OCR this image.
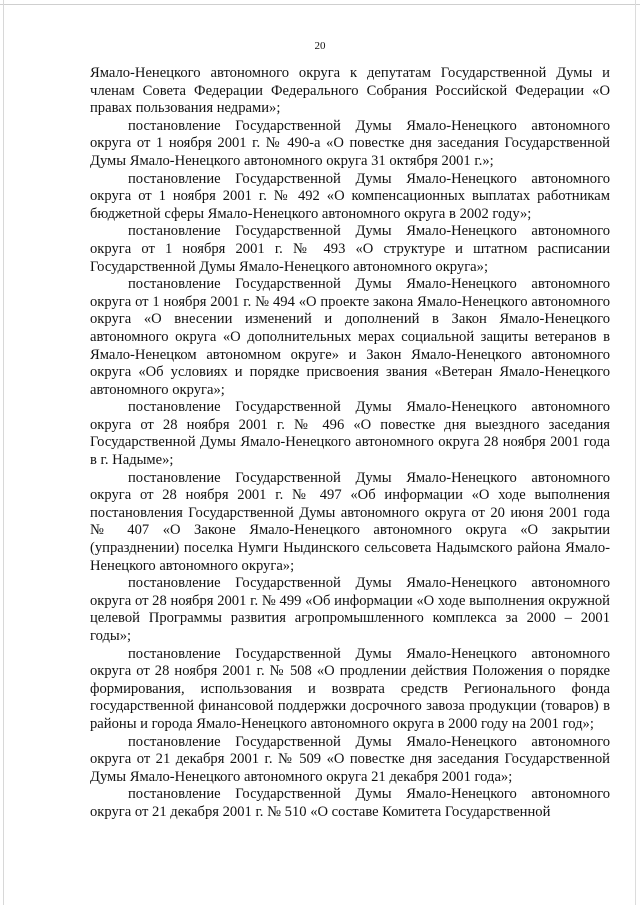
20

Ямало-Ненецкого автономного округа к депутатам Государственной Думы и членам Совета Федерации Федерального Собрания Российской Федерации «О правах пользования недрами»;

постановление Государственной Думы Ямало-Ненецкого автономного округа от 1 ноября 2001 г. № 490-а «О повестке дня заседания Государственной Думы Ямало-Ненецкого автономного округа 31 октября 2001 г.»;

постановление Государственной Думы Ямало-Ненецкого автономного округа от 1 ноября 2001 г. № 492 «О компенсационных выплатах работникам бюджетной сферы Ямало-Ненецкого автономного округа в 2002 году»;

постановление Государственной Думы Ямало-Ненецкого автономного округа от 1 ноября 2001 г. № 493 «О структуре и штатном расписании Государственной Думы Ямало-Ненецкого автономного округа»;

постановление Государственной Думы Ямало-Ненецкого автономного округа от 1 ноября 2001 г. № 494 «О проекте закона Ямало-Ненецкого автономного округа «О внесении изменений и дополнений в Закон Ямало-Ненецкого автономного округа «О дополнительных мерах социальной защиты ветеранов в Ямало-Ненецком автономном округе» и Закон Ямало-Ненецкого автономного округа «Об условиях и порядке присвоения звания «Ветеран Ямало-Ненецкого автономного округа»;

постановление Государственной Думы Ямало-Ненецкого автономного округа от 28 ноября 2001 г. № 496 «О повестке дня выездного заседания Государственной Думы Ямало-Ненецкого автономного округа 28 ноября 2001 года в г. Надыме»;

постановление Государственной Думы Ямало-Ненецкого автономного округа от 28 ноября 2001 г. № 497 «Об информации «О ходе выполнения постановления Государственной Думы автономного округа от 20 июня 2001 года № 407 «О Законе Ямало-Ненецкого автономного округа «О закрытии (упразднении) поселка Нумги Ныдинского сельсовета Надымского района Ямало-Ненецкого автономного округа»;

постановление Государственной Думы Ямало-Ненецкого автономного округа от 28 ноября 2001 г. № 499 «Об информации «О ходе выполнения окружной целевой Программы развития агропромышленного комплекса за 2000 – 2001 годы»;

постановление Государственной Думы Ямало-Ненецкого автономного округа от 28 ноября 2001 г. № 508 «О продлении действия Положения о порядке формирования, использования и возврата средств Регионального фонда государственной финансовой поддержки досрочного завоза продукции (товаров) в районы и города Ямало-Ненецкого автономного округа в 2000 году на 2001 год»;

постановление Государственной Думы Ямало-Ненецкого автономного округа от 21 декабря 2001 г. № 509 «О повестке дня заседания Государственной Думы Ямало-Ненецкого автономного округа 21 декабря 2001 года»;

постановление Государственной Думы Ямало-Ненецкого автономного округа от 21 декабря 2001 г. № 510 «О составе Комитета Государственной
